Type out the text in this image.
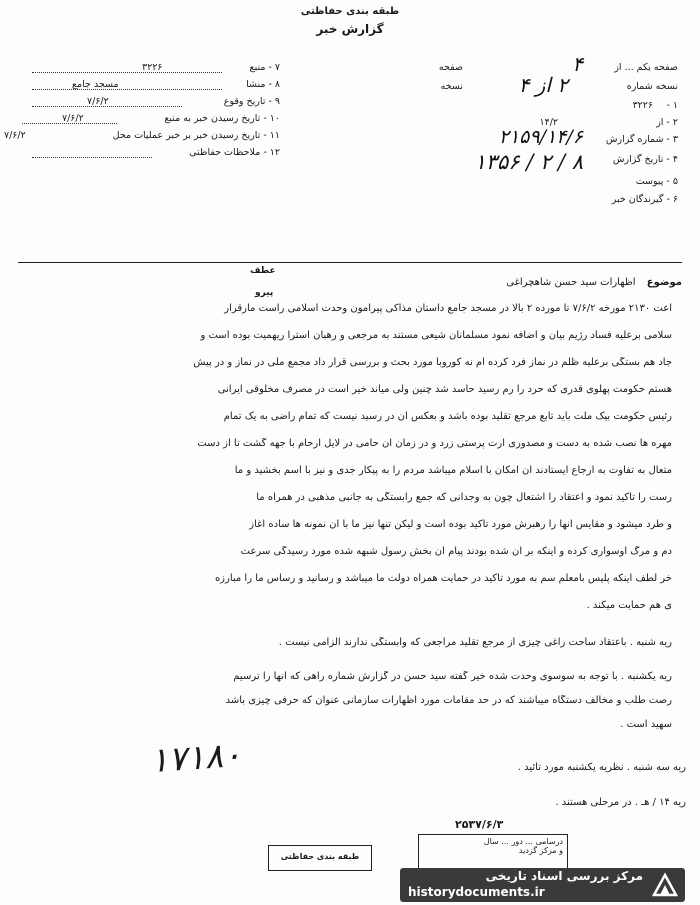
طبقه بندی حفاظتی
گزارش خبر
صفحه یکم ... از
۴
صفحه
نسخه شماره
۲ از ۴
نسخه
۱ -
۳۲۲۶
۲ - از
۱۴/۲
۳ - شماره گزارش
۲۱۵۹/۱۴/۶
۴ - تاریخ گزارش
۸ / ۲ / ۱۳۵۶
۵ - پیوست
۶ - گیرندگان خبر
۷ - منبع
۳۲۲۶
۸ - منشا
مسجد جامع
۹ - تاریخ وقوع
۷/۶/۲
۱۰ - تاریخ رسیدن خبر به منبع
۷/۶/۲
۱۱ - تاریخ رسیدن خبر بر خبر عملیات محل
۷/۶/۲
۱۲ - ملاحظات حفاظتی
موضوع اظهارات سید حسن شاهچراغی
عطف
پیرو
اعت ۲۱۳۰ مورخه ۷/۶/۲ تا مورده ۲ بالا در مسجد جامع داستان مذاکی پیرامون وحدت اسلامی راست مارقرار
سلامی برعلیه فساد رژیم بیان و اضافه نمود مسلمانان شیعی مستند به مرجعی و رهبان استرا ریهمیت بوده است و
جاد هم بستگی برعلیه ظلم در نماز فرد کرده ام نه کوروبا مورد بحث و بررسی قرار داد مجمع ملی در نماز و در پیش
هستم حکومت پهلوی قدری که حرد را رم رسید حاسد شد چنین ولی میاند خیر است در مصرف مخلوقی ایرانی
رئیس حکومت بیک ملت باید تابع مرجع تقلید بوده باشد و بعکس آن در رسید نیست که تمام راضی به یک تمام
مهره ها نصب شده به دست و مصدوری ارت پرستی زرد و در زمان آن حامی در لایل ارحام با جهه گشت تا از دست
متعال به تفاوت به ارجاع ایستادند آن امکان با اسلام میباشد مردم را به پیکار جدی و نیز با اسم بخشید و ما
رست را تاکید نمود و اعتقاد را اشتعال چون به وجدانی که جمع رابستگی به جانبی مذهبی در همراه ما
و طرد میشود و مقایس آنها را رهبرش مورد تاکید بوده است و لیکن تنها نیز ما با آن نمونه ها ساده آغاز
دم و مرگ اوسواری کرده و اینکه بر آن شده بودند پیام آن بخش رسول شبهه شده مورد رسیدگی سرعت
خر لطف اینکه پلیس بامعلم سم به مورد تاکید در حمایت همراه دولت ما میباشد و رسانید و رساس ما را مبارزه
ی هم حمایت میکند .
ریه شنبه . باعتقاد ساحت راغی چیزی از مرجع تقلید مراجعی که وابستگی ندارند الزامی نیست .
ریه یکشنبه . با توجه به سوسوی وحدت شده خیر گفته سید حسن در گزارش شماره راهی که آنها را ترسیم
رصت طلب و مخالف دستگاه میباشند که در حد مقامات مورد اظهارات سازمانی عنوان که حرفی چیزی باشد
سهید است .
ریه سه شنبه . نظریه یکشنبه مورد تائید .
ریه ۱۴ / هـ . در مرحلی هستند .
۱۷۱۸۰
۲۵۳۷/۶/۳
درسامی ... دور ... سال
و مرکز گزدید
طبقه بندی حفاظتی
مرکز بررسی اسناد تاریخی
historydocuments.ir
